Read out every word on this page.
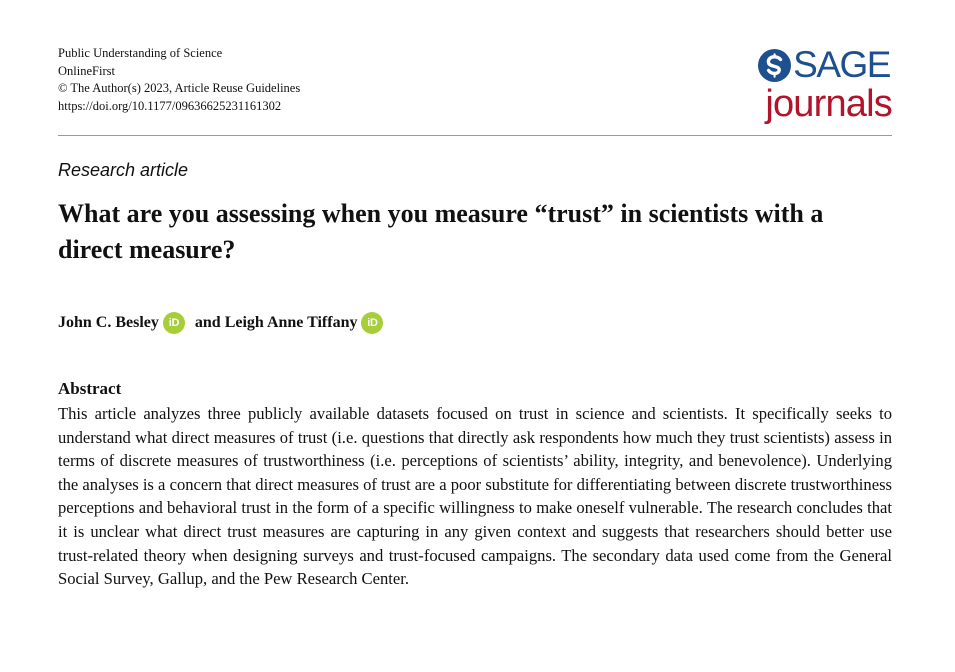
Public Understanding of Science
OnlineFirst
© The Author(s) 2023, Article Reuse Guidelines
https://doi.org/10.1177/09636625231161302
SAGE
journals
Research article
What are you assessing when you measure “trust” in scientists with a direct measure?
John C. Besley iD and
Leigh Anne Tiffany iD
Abstract

This article analyzes three publicly available datasets focused on trust in science and scientists. It specifically seeks to understand what direct measures of trust (i.e. questions that directly ask respondents how much they trust scientists) assess in terms of discrete measures of trustworthiness (i.e. perceptions of scientists’ ability, integrity, and benevolence). Underlying the analyses is a concern that direct measures of trust are a poor substitute for differentiating between discrete trustworthiness perceptions and behavioral trust in the form of a specific willingness to make oneself vulnerable. The research concludes that it is unclear what direct trust measures are capturing in any given context and suggests that researchers should better use trust-related theory when designing surveys and trust-focused campaigns. The secondary data used come from the General Social Survey, Gallup, and the Pew Research Center.
